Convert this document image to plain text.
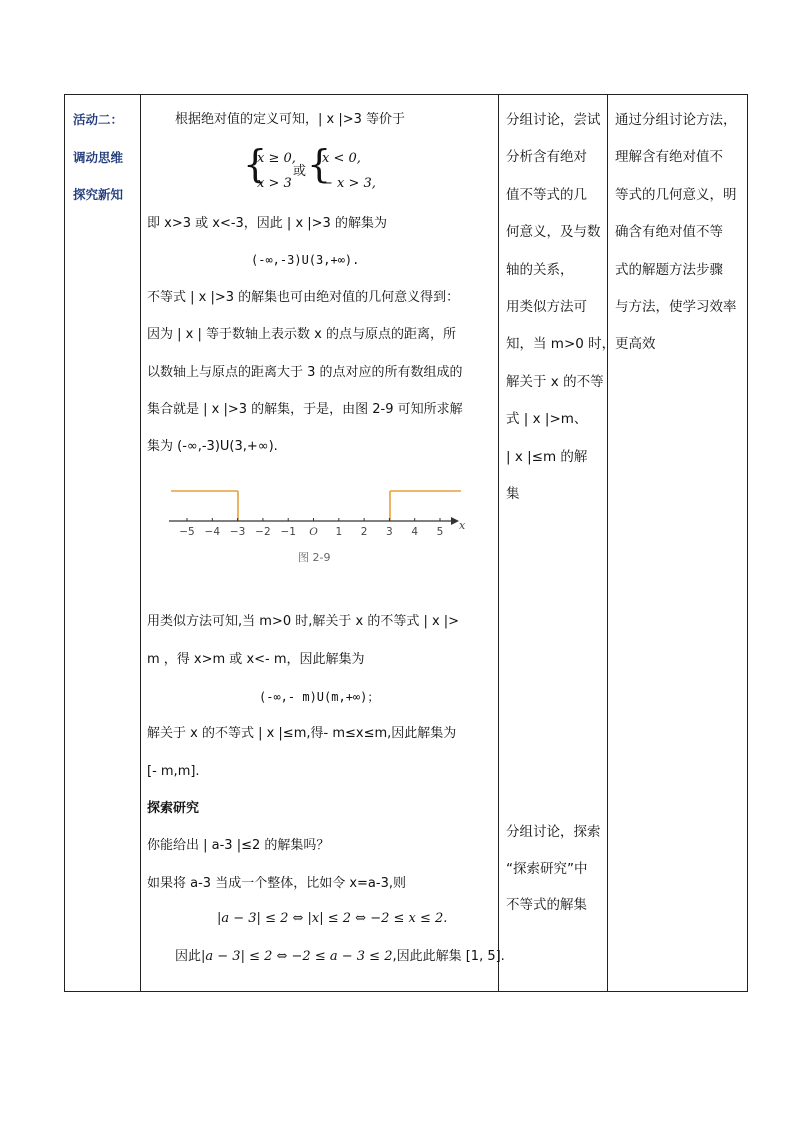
活动二：
调动思维
探究新知

根据绝对值的定义可知，| x |>3 等价于
{
x ≥ 0,
x > 3
或 {
x < 0,
− x > 3,
即 x>3 或 x<-3，因此 | x |>3 的解集为
(-∞,-3)U(3,+∞).
不等式 | x |>3 的解集也可由绝对值的几何意义得到：
因为 | x | 等于数轴上表示数 x 的点与原点的距离，所
以数轴上与原点的距离大于 3 的点对应的所有数组成的
集合就是 | x |>3 的解集，于是，由图 2-9 可知所求解
集为 (-∞,-3)U(3,+∞).
−5 −4 −3 −2 −1 O 1 2 3 4 5 x
图 2-9
用类似方法可知,当 m>0 时,解关于 x 的不等式 | x |>
m ，得 x>m 或 x<- m，因此解集为
(-∞,- m)U(m,+∞)；
解关于 x 的不等式 | x |≤m,得- m≤x≤m,因此解集为
[- m,m].
探索研究
你能给出 | a-3 |≤2 的解集吗？
如果将 a-3 当成一个整体，比如令 x=a-3,则
|a − 3| ≤ 2 ⇔ |x| ≤ 2 ⇔ −2 ≤ x ≤ 2.
因此|a − 3| ≤ 2 ⇔ −2 ≤ a − 3 ≤ 2,因此此解集 [1, 5].

分组讨论，尝试
分析含有绝对
值不等式的几
何意义，及与数
轴的关系，
用类似方法可
知，当 m>0 时，
解关于 x 的不等
式 | x |>m、
| x |≤m 的解
集
分组讨论，探索
“探索研究”中
不等式的解集

通过分组讨论方法，
理解含有绝对值不
等式的几何意义，明
确含有绝对值不等
式的解题方法步骤
与方法，使学习效率
更高效
